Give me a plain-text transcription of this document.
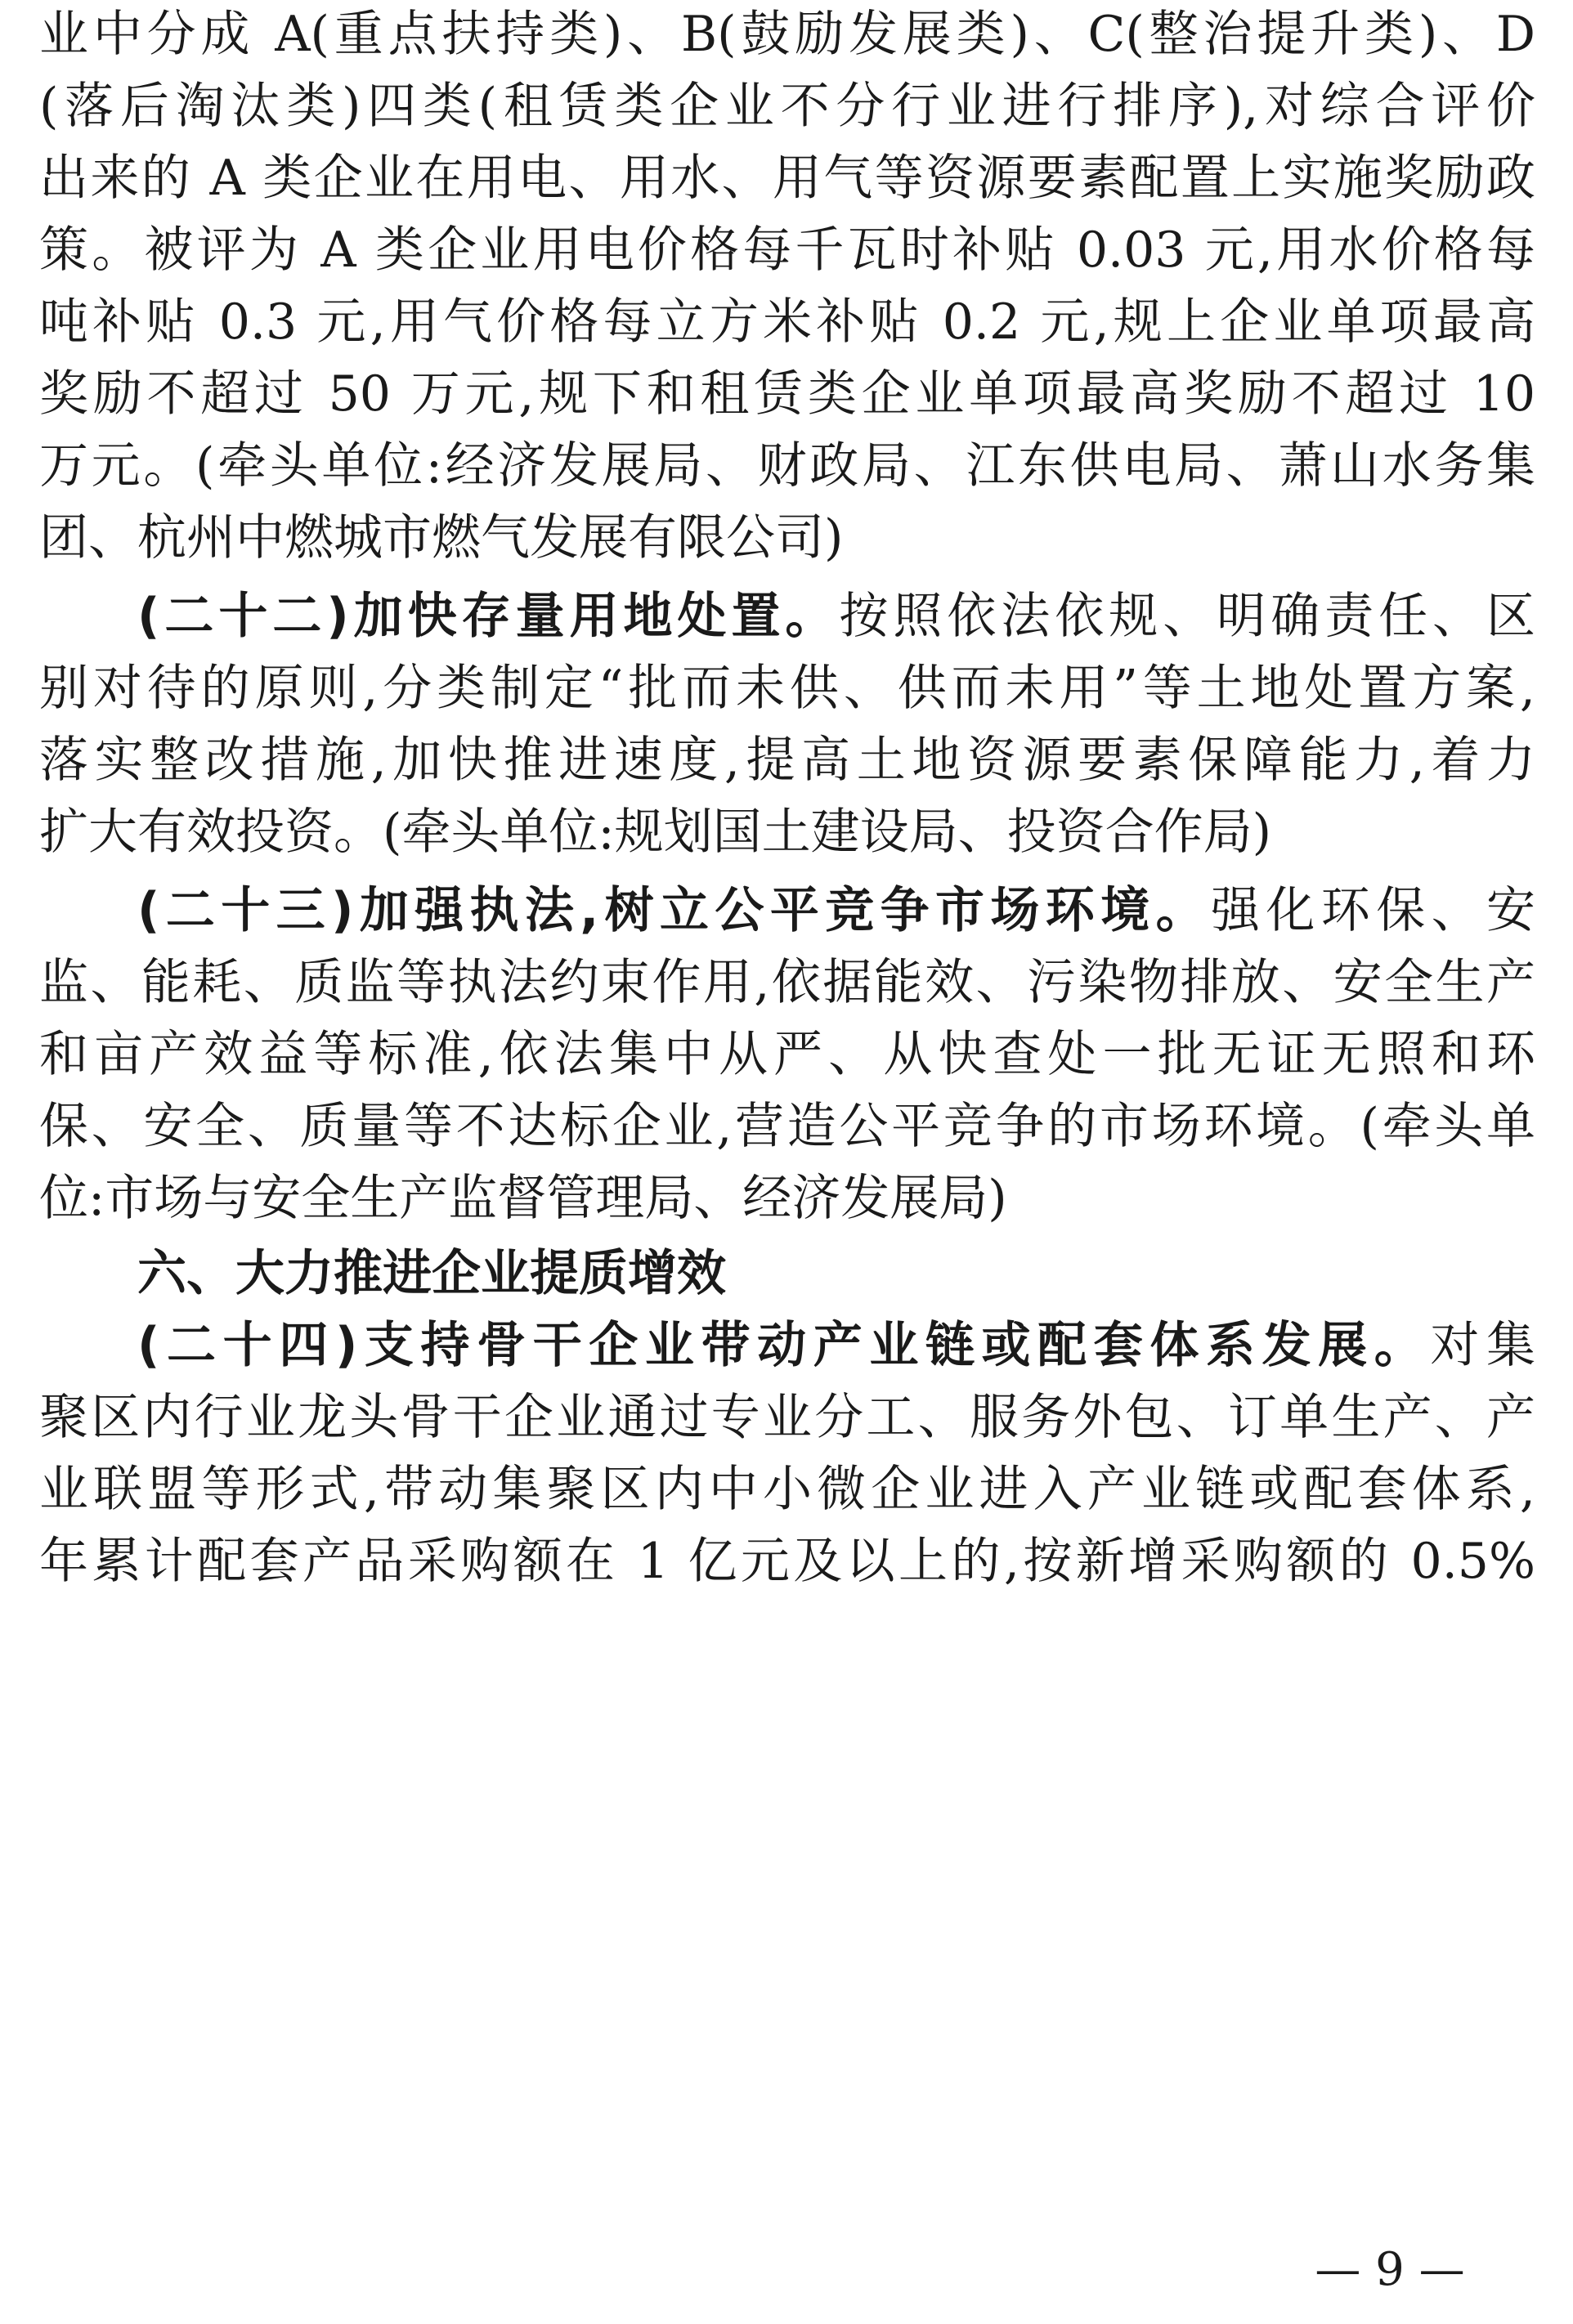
业中分成 A(重点扶持类)、B(鼓励发展类)、C(整治提升类)、D
(落后淘汰类)四类(租赁类企业不分行业进行排序),对综合评价
出来的 A 类企业在用电、用水、用气等资源要素配置上实施奖励政
策。被评为 A 类企业用电价格每千瓦时补贴 0.03 元,用水价格每
吨补贴 0.3 元,用气价格每立方米补贴 0.2 元,规上企业单项最高
奖励不超过 50 万元,规下和租赁类企业单项最高奖励不超过 10
万元。(牵头单位:经济发展局、财政局、江东供电局、萧山水务集
团、杭州中燃城市燃气发展有限公司)
(二十二)加快存量用地处置。按照依法依规、明确责任、区
别对待的原则,分类制定“批而未供、供而未用”等土地处置方案,
落实整改措施,加快推进速度,提高土地资源要素保障能力,着力
扩大有效投资。(牵头单位:规划国土建设局、投资合作局)
(二十三)加强执法,树立公平竞争市场环境。强化环保、安
监、能耗、质监等执法约束作用,依据能效、污染物排放、安全生产
和亩产效益等标准,依法集中从严、从快查处一批无证无照和环
保、安全、质量等不达标企业,营造公平竞争的市场环境。(牵头单
位:市场与安全生产监督管理局、经济发展局)
六、大力推进企业提质增效
(二十四)支持骨干企业带动产业链或配套体系发展。对集
聚区内行业龙头骨干企业通过专业分工、服务外包、订单生产、产
业联盟等形式,带动集聚区内中小微企业进入产业链或配套体系,
年累计配套产品采购额在 1 亿元及以上的,按新增采购额的 0.5%
— 9 —
